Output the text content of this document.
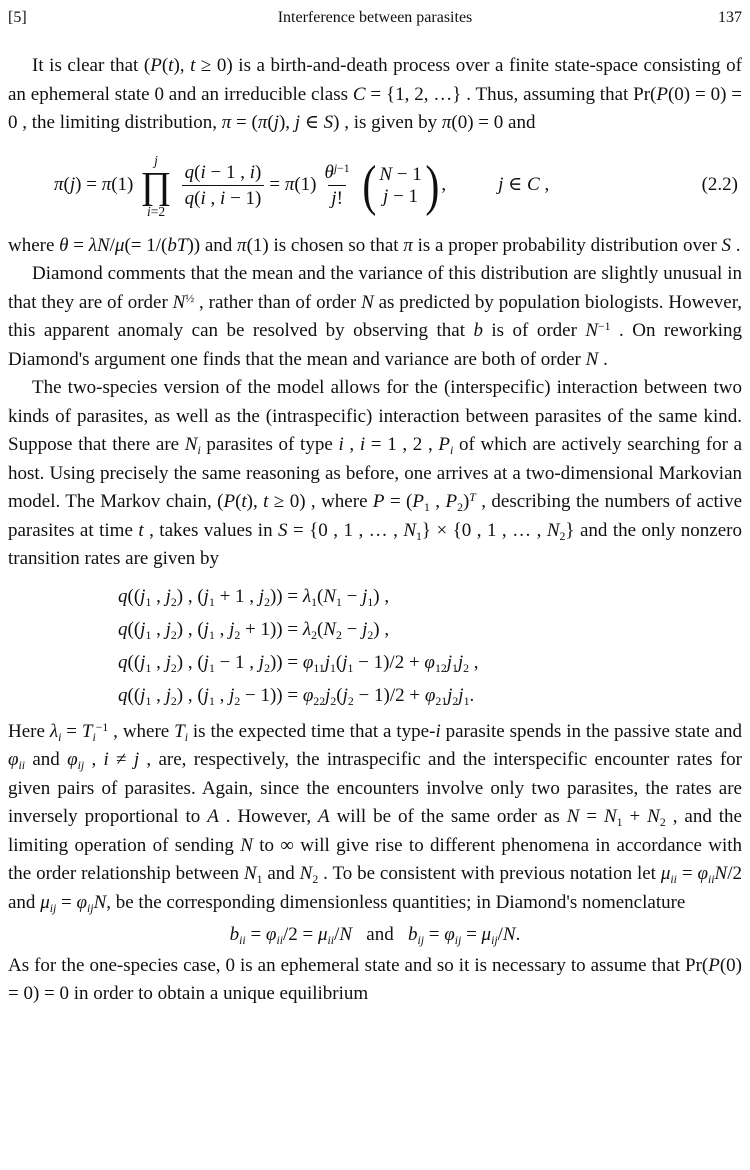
[5]	Interference between parasites	137

It is clear that (P(t), t ≥ 0) is a birth-and-death process over a finite state-space consisting of an ephemeral state 0 and an irreducible class C = {1, 2, …} . Thus, assuming that Pr(P(0) = 0) = 0 , the limiting distribution, π = (π(j), j ∈ S) , is given by π(0) = 0 and

π(j) = π(1)
j
∏
i=2
$\frac{q(i - 1 , i)}{q(i , i - 1)} = \pi(1) \frac{\theta^{j-1}}{j!}$ ( N − 1
j − 1 ) ,	j ∈ C ,	(2.2)

where θ = λN/μ(= 1/(bT)) and π(1) is chosen so that π is a proper probability distribution over S .

Diamond comments that the mean and the variance of this distribution are slightly unusual in that they are of order $N^{\frac{1}{2}}$ , rather than of order N as predicted by population biologists. However, this apparent anomaly can be resolved by observing that b is of order $N^{-1}$ . On reworking Diamond's argument one finds that the mean and variance are both of order N .

The two-species version of the model allows for the (interspecific) interaction between two kinds of parasites, as well as the (intraspecific) interaction between parasites of the same kind. Suppose that there are $N_i$ parasites of type i , i = 1 , 2 , $P_i$ of which are actively searching for a host. Using precisely the same reasoning as before, one arrives at a two-dimensional Markovian model. The Markov chain, (P(t), t ≥ 0) , where $P = (P_1$ , $P_2)^T$ , describing the numbers of active parasites at time t , takes values in S = {0 , 1 , … , $N_1\} \times \{0$ , 1 , … , $N_2$} and the only nonzero transition rates are given by

$q((j_1$ , $j_2$) , ($j_1 + 1$ , $j_2)) = \lambda_1(N_1 - j_1)$ ,
$q((j_1$ , $j_2$) , ($j_1$ , $j_2 + 1)) = \lambda_2(N_2 - j_2)$ ,
$q((j_1$ , $j_2$) , ($j_1 - 1$ , $j_2)) = \varphi_{11}j_1(j_1 - 1)/2 + \varphi_{12}j_1j_2$ ,
$q((j_1$ , $j_2$) , ($j_1$ , $j_2 - 1)) = \varphi_{22}j_2(j_2 - 1)/2 + \varphi_{21}j_2j_1$.

Here $\lambda_i = T_i^{-1}$ , where $T_i$ is the expected time that a type-i parasite spends in the passive state and $\varphi_{ii}$ and $\varphi_{ij}$ , i ≠ j , are, respectively, the intraspecific and the interspecific encounter rates for given pairs of parasites. Again, since the encounters involve only two parasites, the rates are inversely proportional to A . However, A will be of the same order as $N = N_1 + N_2$ , and the limiting operation of sending N to ∞ will give rise to different phenomena in accordance with the order relationship between $N_1$ and $N_2$ . To be consistent with previous notation let $\mu_{ii} = \varphi_{ii}N/2$ and $\mu_{ij} = \varphi_{ij}N$, be the corresponding dimensionless quantities; in Diamond's nomenclature

$b_{ii} = \varphi_{ii}/2 = \mu_{ii}/N$  and  $b_{ij} = \varphi_{ij} = \mu_{ij}/N$.

As for the one-species case, 0 is an ephemeral state and so it is necessary to assume that Pr(P(0) = 0) = 0 in order to obtain a unique equilibrium
